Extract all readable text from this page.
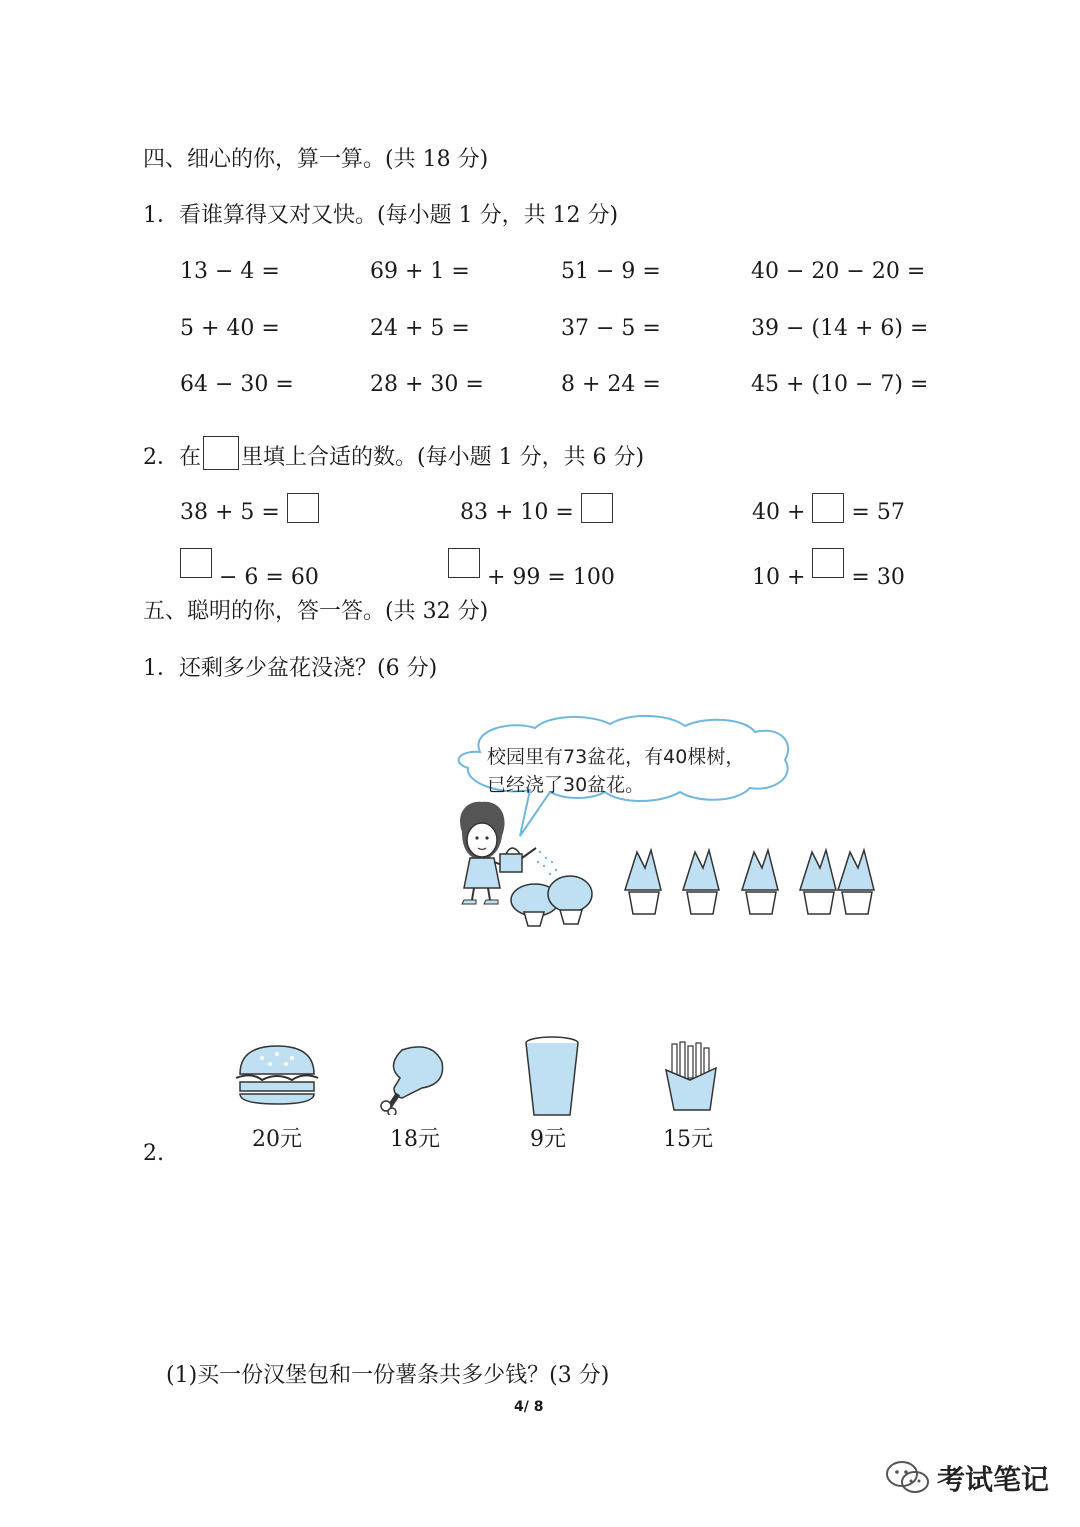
四、细心的你，算一算。(共 18 分)
1．看谁算得又对又快。(每小题 1 分，共 12 分)
13 − 4 =	69 + 1 =	51 − 9 =	40 − 20 − 20 =
5 + 40 =	24 + 5 =	37 − 5 =	39 − (14 + 6) =
64 − 30 =	28 + 30 =	8 + 24 =	45 + (10 − 7) =
2．在 里填上合适的数。(每小题 1 分，共 6 分)
38 + 5 =	83 + 10 =	40 + = 57
− 6 = 60	+ 99 = 100	10 + = 30
五、聪明的你，答一答。(共 32 分)
1．还剩多少盆花没浇？(6 分)
校园里有73盆花，有40棵树，
已经浇了30盆花。
2.
20元	18元	9元	15元
(1)买一份汉堡包和一份薯条共多少钱？(3 分)
4/ 8
考试笔记
